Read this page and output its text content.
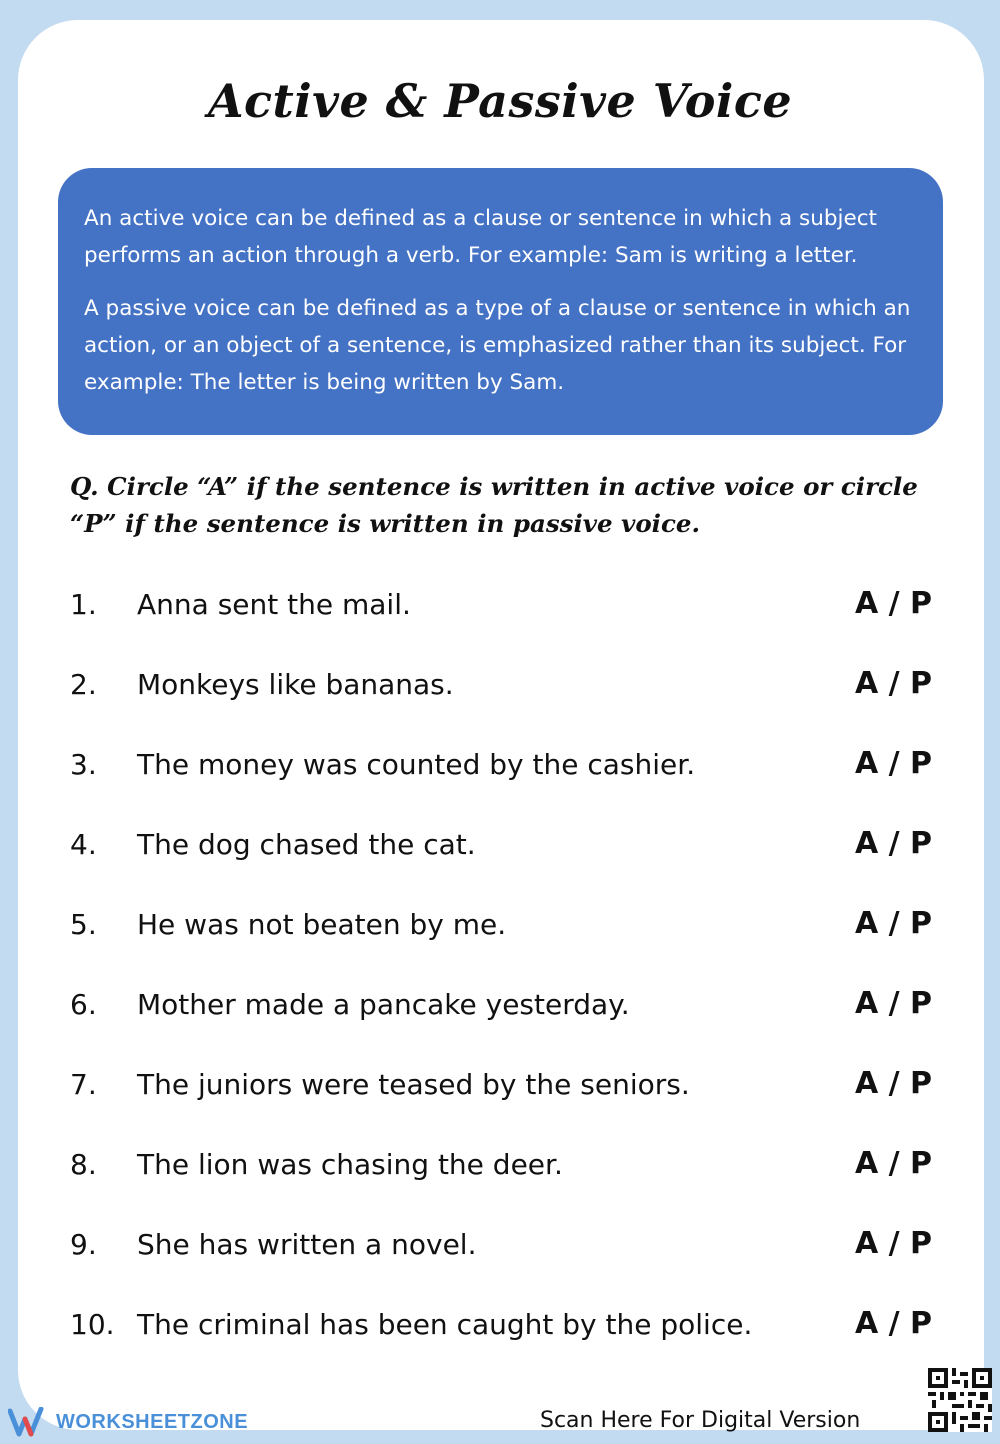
Active & Passive Voice

An active voice can be defined as a clause or sentence in which a subject performs an action through a verb. For example: Sam is writing a letter.

A passive voice can be defined as a type of a clause or sentence in which an action, or an object of a sentence, is emphasized rather than its subject. For example: The letter is being written by Sam.

Q. Circle “A” if the sentence is written in active voice or circle “P” if the sentence is written in passive voice.
1. Anna sent the mail.	A / P
2. Monkeys like bananas.	A / P
3. The money was counted by the cashier.	A / P
4. The dog chased the cat.	A / P
5. He was not beaten by me.	A / P
6. Mother made a pancake yesterday.	A / P
7. The juniors were teased by the seniors.	A / P
8. The lion was chasing the deer.	A / P
9. She has written a novel.	A / P
10. The criminal has been caught by the police.	A / P
WORKSHEETZONE	Scan Here For Digital Version
